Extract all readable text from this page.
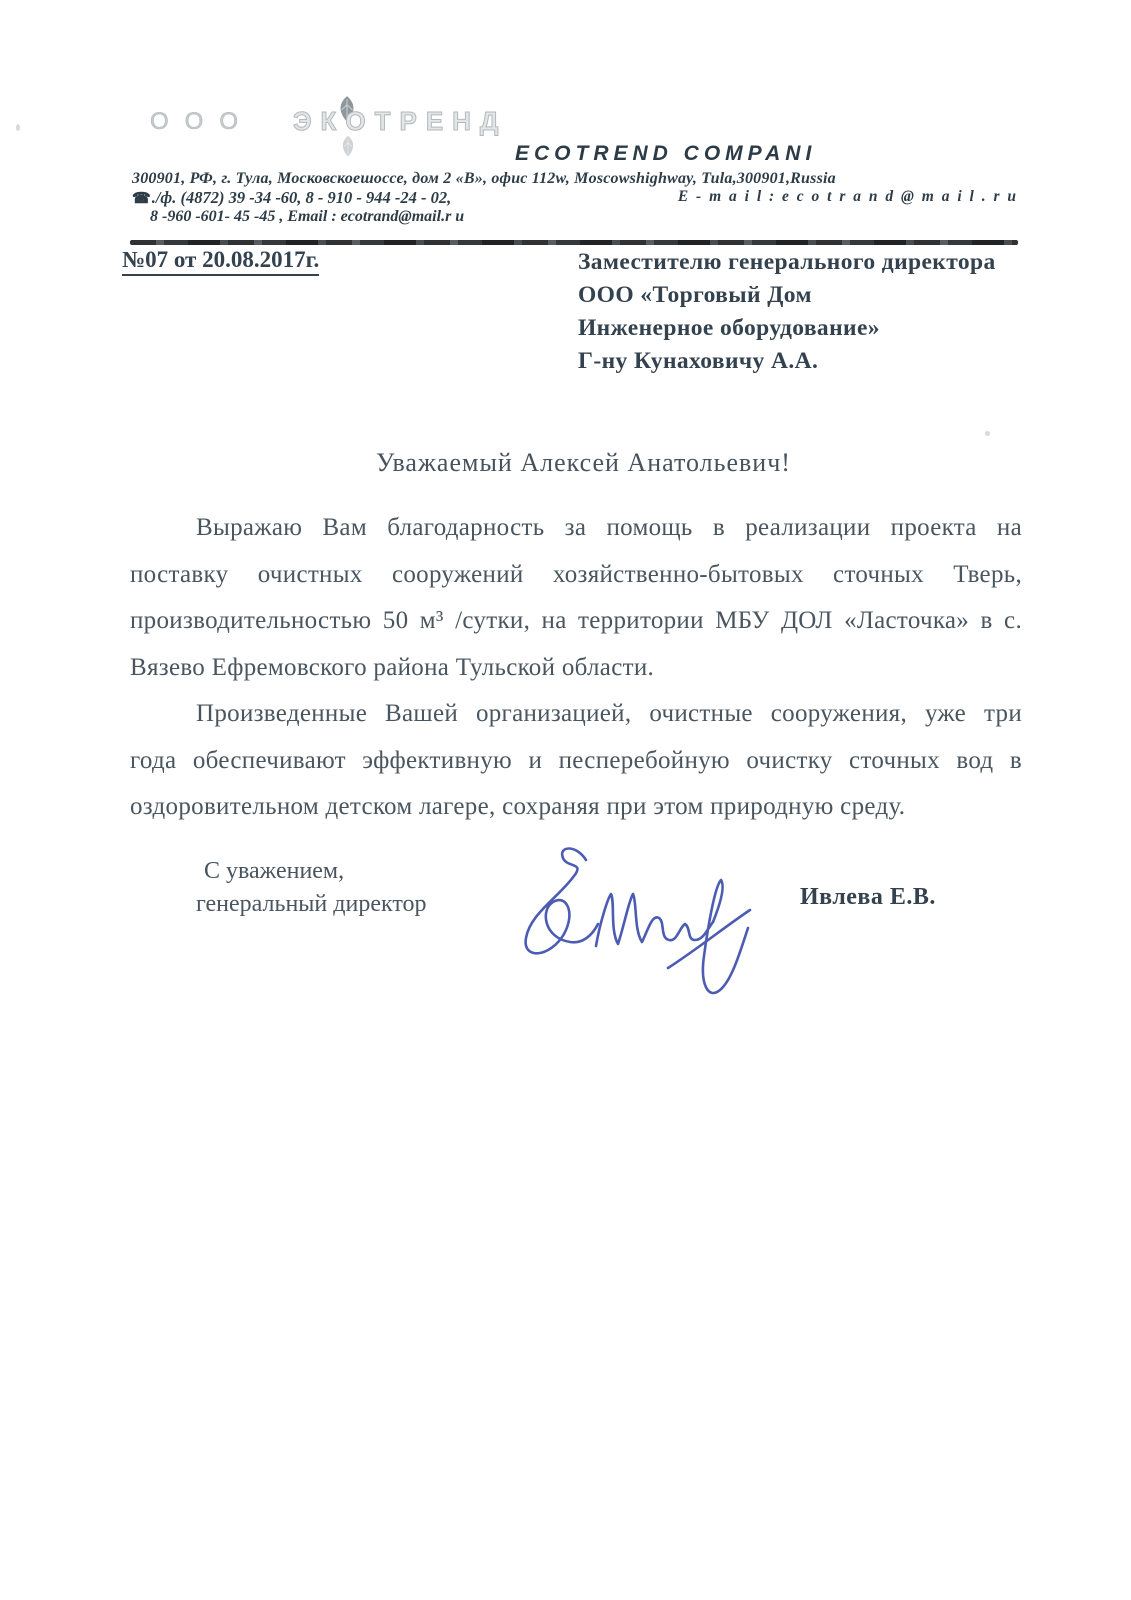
ООО ЭКОТРЕНД
ECOTREND COMPANI
300901, РФ, г. Тула, Московскоешоссе, дом 2 «В», офис 112w, Moscowshighway, Tula,300901,Russia
☎./ф. (4872) 39 -34 -60, 8 - 910 - 944 -24 - 02,	E - m a i l : e c o t r a n d @ m a i l . r u
8 -960 -601- 45 -45 , Email : ecotrand@mail.r u
№07 от 20.08.2017г.	Заместителю генерального директора
ООО «Торговый Дом
Инженерное оборудование»
Г-ну Кунаховичу А.А.
Уважаемый Алексей Анатольевич!
Выражаю Вам благодарность за помощь в реализации проекта на
поставку очистных сооружений хозяйственно-бытовых сточных Тверь,
производительностью 50 м³ /сутки, на территории МБУ ДОЛ «Ласточка» в с.
Вязево Ефремовского района Тульской области.
Произведенные Вашей организацией, очистные сооружения, уже три
года обеспечивают эффективную и песперебойную очистку сточных вод в
оздоровительном детском лагере, сохраняя при этом природную среду.
С уважением,
генеральный директор	Ивлева Е.В.
